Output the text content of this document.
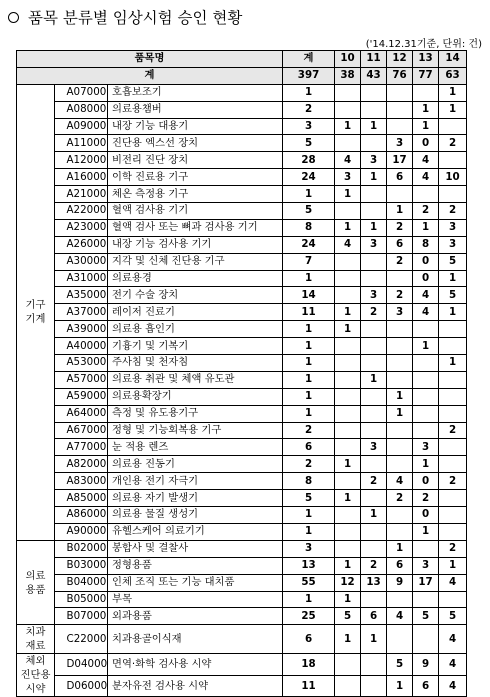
품목 분류별 임상시험 승인 현황
('14.12.31기준, 단위: 건)
품목명				계	10	11	12	13	14
계				397	38	43	76	77	63
기구
기계		A07000	호흡보조기	1					1
		A08000	의료용챔버	2				1	1
		A09000	내장 기능 대용기	3	1	1		1	
		A11000	진단용 엑스선 장치	5			3	0	2
		A12000	비전리 진단 장치	28	4	3	17	4	
		A16000	이학 진료용 기구	24	3	1	6	4	10
		A21000	체온 측정용 기구	1	1				
		A22000	혈액 검사용 기기	5			1	2	2
		A23000	혈액 검사 또는 뼈과 검사용 기기	8	1	1	2	1	3
		A26000	내장 기능 검사용 기기	24	4	3	6	8	3
		A30000	지각 및 신체 진단용 기구	7			2	0	5
		A31000	의료용경	1				0	1
		A35000	전기 수술 장치	14		3	2	4	5
		A37000	레이저 진료기	11	1	2	3	4	1
		A39000	의료용 흡인기	1	1				
		A40000	기흉기 및 기복기	1				1	
		A53000	주사침 및 천자침	1					1
		A57000	의료용 취관 및 체액 유도관	1		1			
		A59000	의료용확장기	1			1		
		A64000	측정 및 유도용기구	1			1		
		A67000	정형 및 기능회복용 기구	2					2
		A77000	눈 적용 렌즈	6		3		3	
		A82000	의료용 진동기	2	1			1	
		A83000	개인용 전기 자극기	8		2	4	0	2
		A85000	의료용 자기 발생기	5	1		2	2	
		A86000	의료용 물질 생성기	1		1		0	
		A90000	유헬스케어 의료기기	1				1	
의료
용품		B02000	봉합사 및 결찰사	3			1		2
		B03000	정형용품	13	1	2	6	3	1
		B04000	인체 조직 또는 기능 대치품	55	12	13	9	17	4
		B05000	부목	1	1				
		B07000	외과용품	25	5	6	4	5	5
치과
재료		C22000	치과용골이식재	6	1	1			4
체외
진단용
시약		D04000	면역·화학 검사용 시약	18			5	9	4
		D06000	분자유전 검사용 시약	11			1	6	4
